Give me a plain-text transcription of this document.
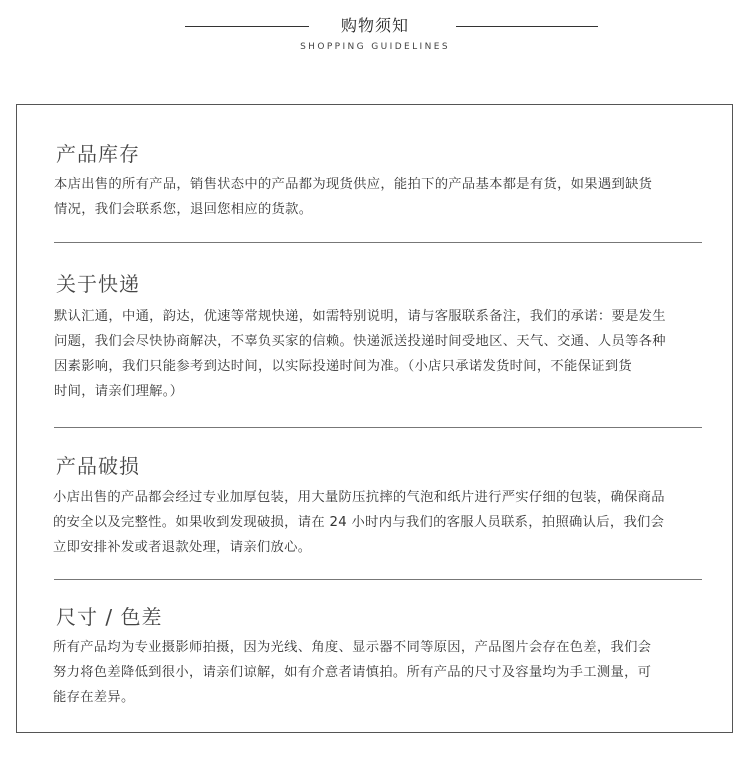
购物须知
SHOPPING GUIDELINES
产品库存
本店出售的所有产品，销售状态中的产品都为现货供应，能拍下的产品基本都是有货，如果遇到缺货
情况，我们会联系您，退回您相应的货款。
关于快递
默认汇通，中通，韵达，优速等常规快递，如需特别说明，请与客服联系备注，我们的承诺：要是发生
问题，我们会尽快协商解决，不辜负买家的信赖。快递派送投递时间受地区、天气、交通、人员等各种
因素影响，我们只能参考到达时间，以实际投递时间为准。（小店只承诺发货时间，不能保证到货
时间，请亲们理解。）
产品破损
小店出售的产品都会经过专业加厚包装，用大量防压抗摔的气泡和纸片进行严实仔细的包装，确保商品
的安全以及完整性。如果收到发现破损，请在 24 小时内与我们的客服人员联系，拍照确认后，我们会
立即安排补发或者退款处理，请亲们放心。
尺寸 / 色差
所有产品均为专业摄影师拍摄，因为光线、角度、显示器不同等原因，产品图片会存在色差，我们会
努力将色差降低到很小，请亲们谅解，如有介意者请慎拍。所有产品的尺寸及容量均为手工测量，可
能存在差异。
